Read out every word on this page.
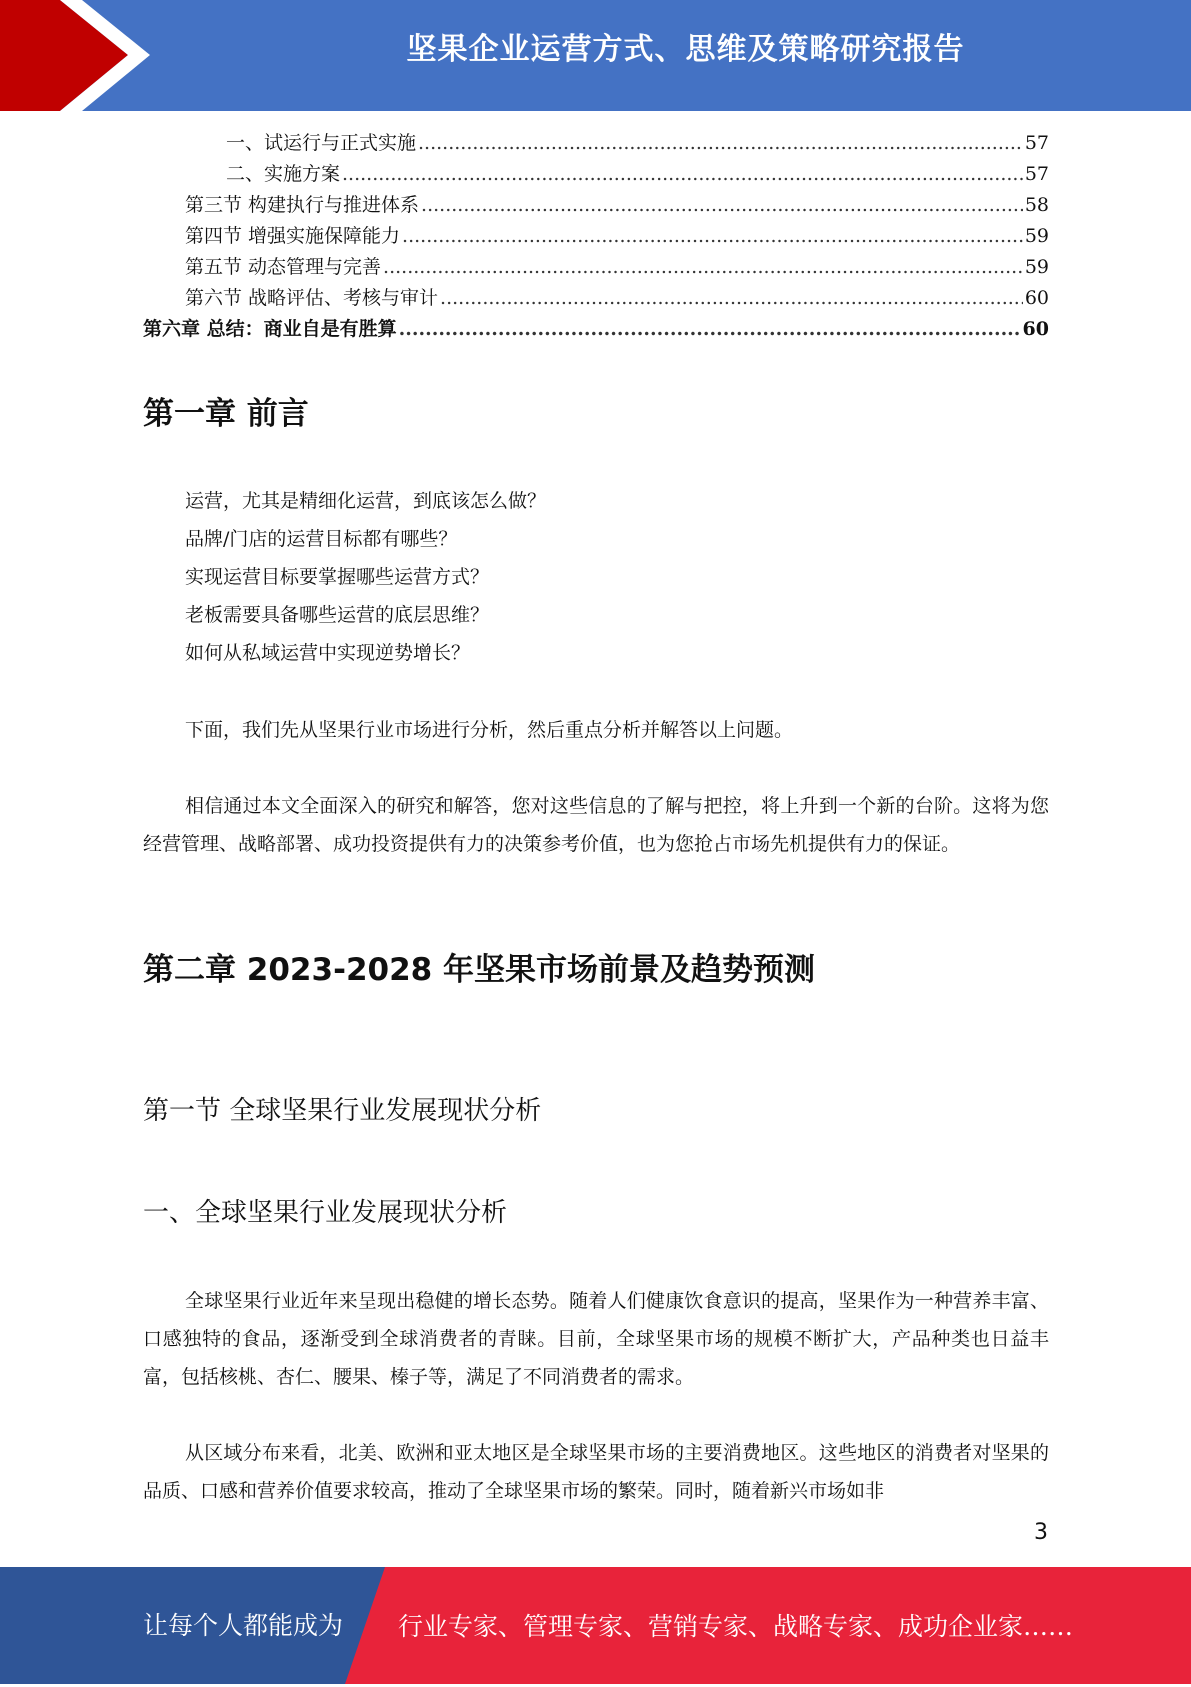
坚果企业运营方式、思维及策略研究报告
一、试运行与正式实施 .....	57
二、实施方案 .....	57
第三节 构建执行与推进体系 .....	58
第四节 增强实施保障能力 .....	59
第五节 动态管理与完善 .....	59
第六节 战略评估、考核与审计 .....	60
第六章 总结：商业自是有胜算 .....	60
第一章 前言
运营，尤其是精细化运营，到底该怎么做？
品牌/门店的运营目标都有哪些？
实现运营目标要掌握哪些运营方式？
老板需要具备哪些运营的底层思维？
如何从私域运营中实现逆势增长？

下面，我们先从坚果行业市场进行分析，然后重点分析并解答以上问题。

相信通过本文全面深入的研究和解答，您对这些信息的了解与把控，将上升到一个新的台阶。这将为您经营管理、战略部署、成功投资提供有力的决策参考价值，也为您抢占市场先机提供有力的保证。

第二章 2023-2028 年坚果市场前景及趋势预测
第一节 全球坚果行业发展现状分析
一、全球坚果行业发展现状分析

全球坚果行业近年来呈现出稳健的增长态势。随着人们健康饮食意识的提高，坚果作为一种营养丰富、口感独特的食品，逐渐受到全球消费者的青睐。目前，全球坚果市场的规模不断扩大，产品种类也日益丰富，包括核桃、杏仁、腰果、榛子等，满足了不同消费者的需求。

从区域分布来看，北美、欧洲和亚太地区是全球坚果市场的主要消费地区。这些地区的消费者对坚果的品质、口感和营养价值要求较高，推动了全球坚果市场的繁荣。同时，随着新兴市场如非

3
让每个人都能成为 行业专家、管理专家、营销专家、战略专家、成功企业家……
